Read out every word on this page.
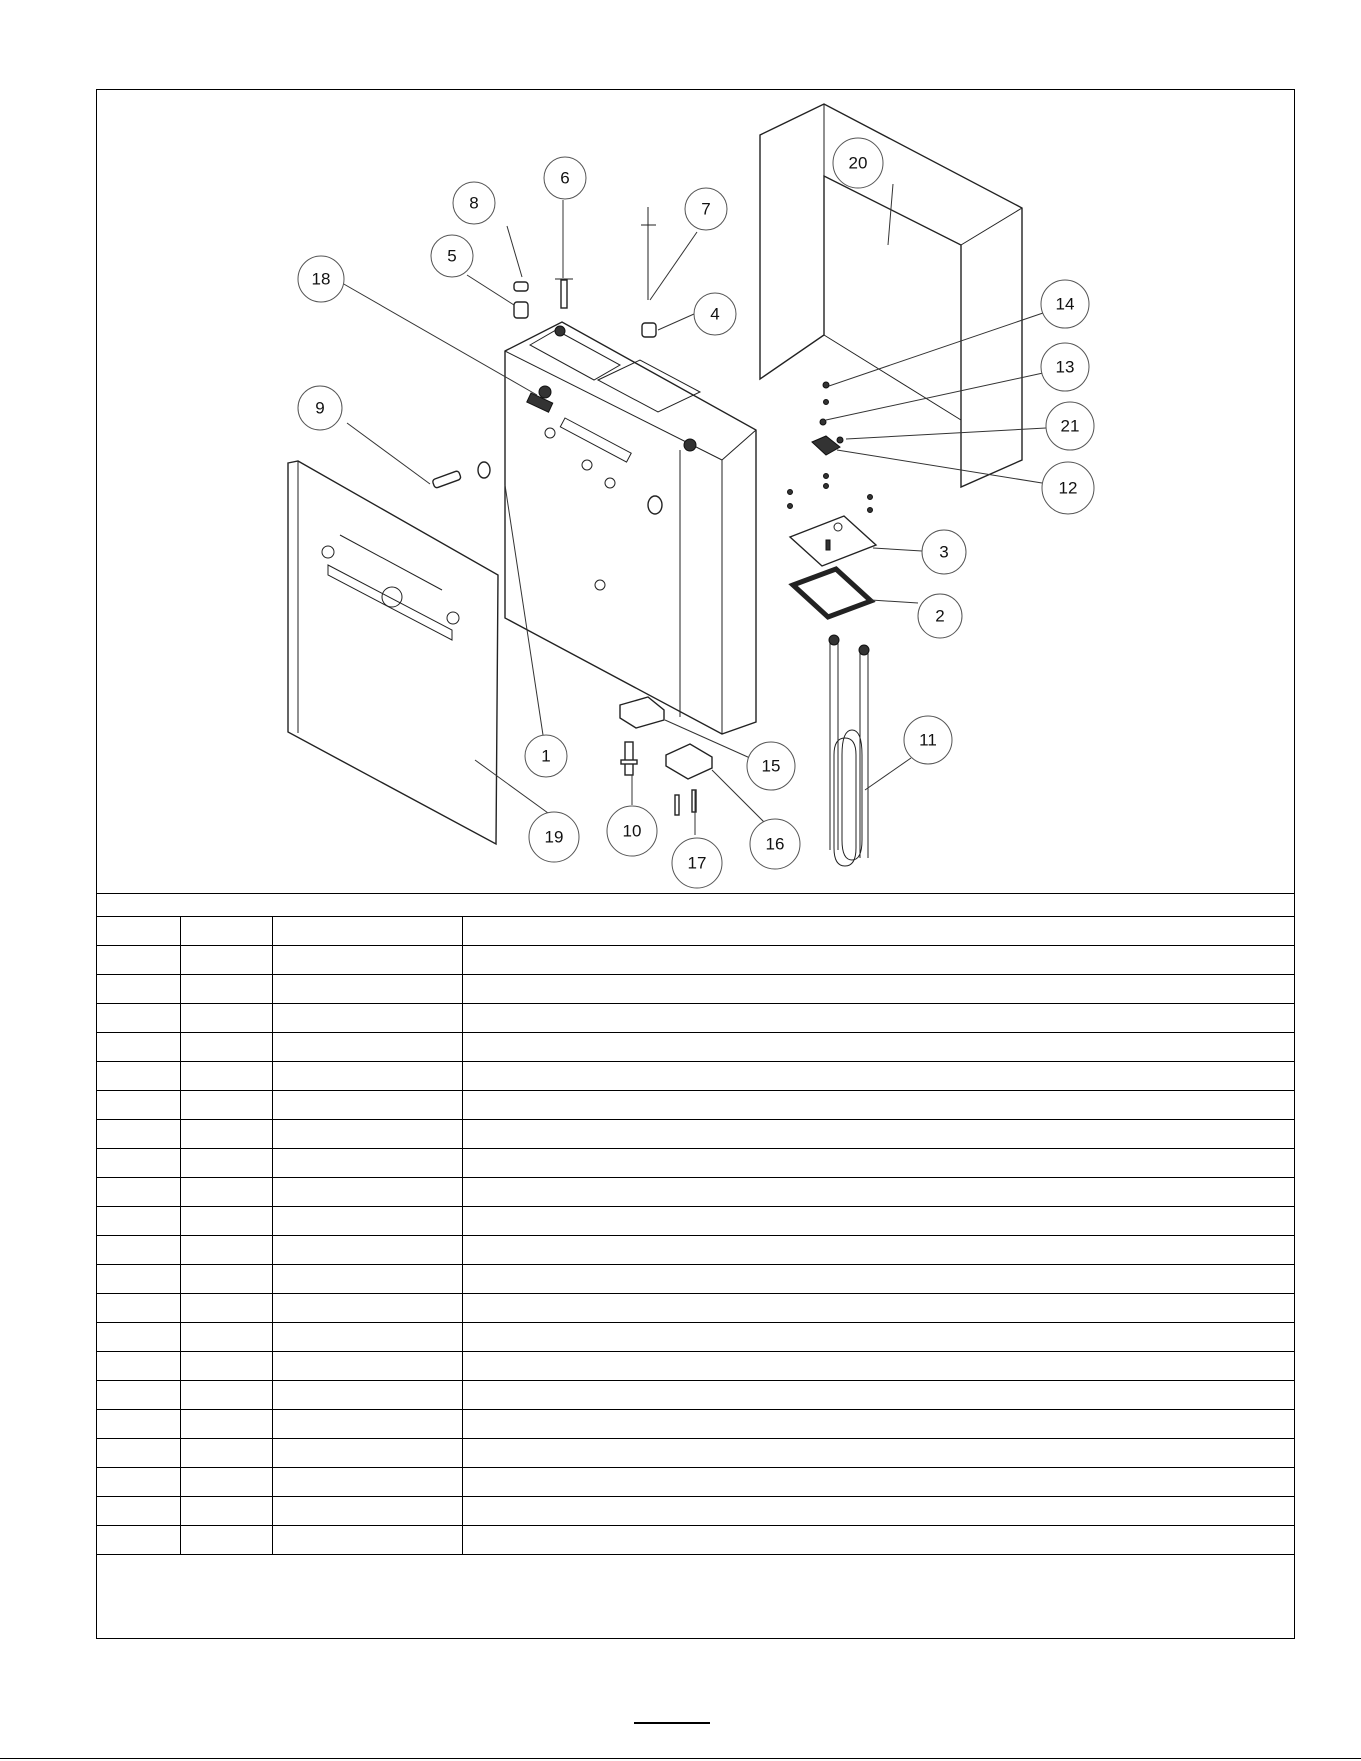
6
7
8
5
4
18
9
20
14
13
21
12
3
2
11
1
15
19	10
16
17
